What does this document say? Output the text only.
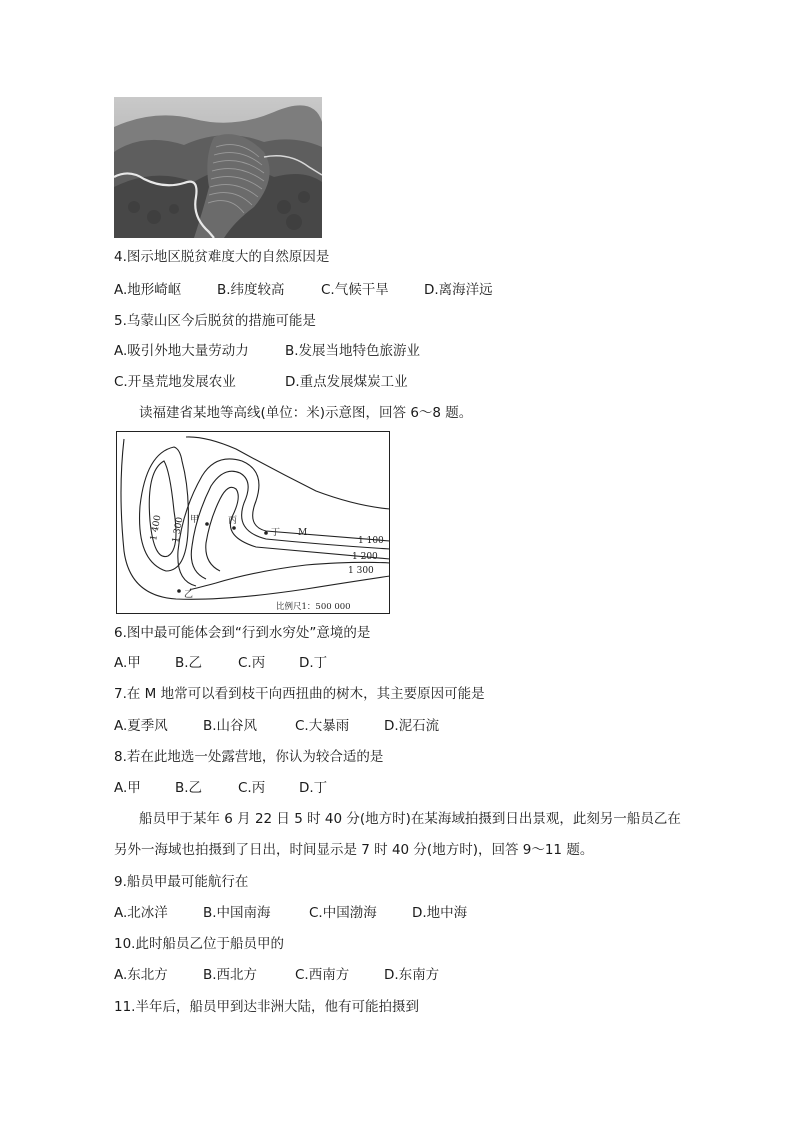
4.图示地区脱贫难度大的自然原因是
A.地形崎岖	B.纬度较高	C.气候干旱	D.离海洋远
5.乌蒙山区今后脱贫的措施可能是
A.吸引外地大量劳动力	B.发展当地特色旅游业
C.开垦荒地发展农业	D.重点发展煤炭工业
读福建省某地等高线(单位：米)示意图，回答 6～8 题。
甲	丙
丁 M
乙
1 400 1 300	1 100
1 200
1 300
比例尺1：500 000
6.图中最可能体会到“行到水穷处”意境的是
A.甲	B.乙	C.丙	D.丁
7.在 M 地常可以看到枝干向西扭曲的树木，其主要原因可能是
A.夏季风	B.山谷风	C.大暴雨	D.泥石流
8.若在此地选一处露营地，你认为较合适的是
A.甲	B.乙	C.丙	D.丁
船员甲于某年 6 月 22 日 5 时 40 分(地方时)在某海域拍摄到日出景观，此刻另一船员乙在
另外一海域也拍摄到了日出，时间显示是 7 时 40 分(地方时)，回答 9～11 题。
9.船员甲最可能航行在
A.北冰洋	B.中国南海	C.中国渤海	D.地中海
10.此时船员乙位于船员甲的
A.东北方	B.西北方	C.西南方	D.东南方
11.半年后，船员甲到达非洲大陆，他有可能拍摄到
